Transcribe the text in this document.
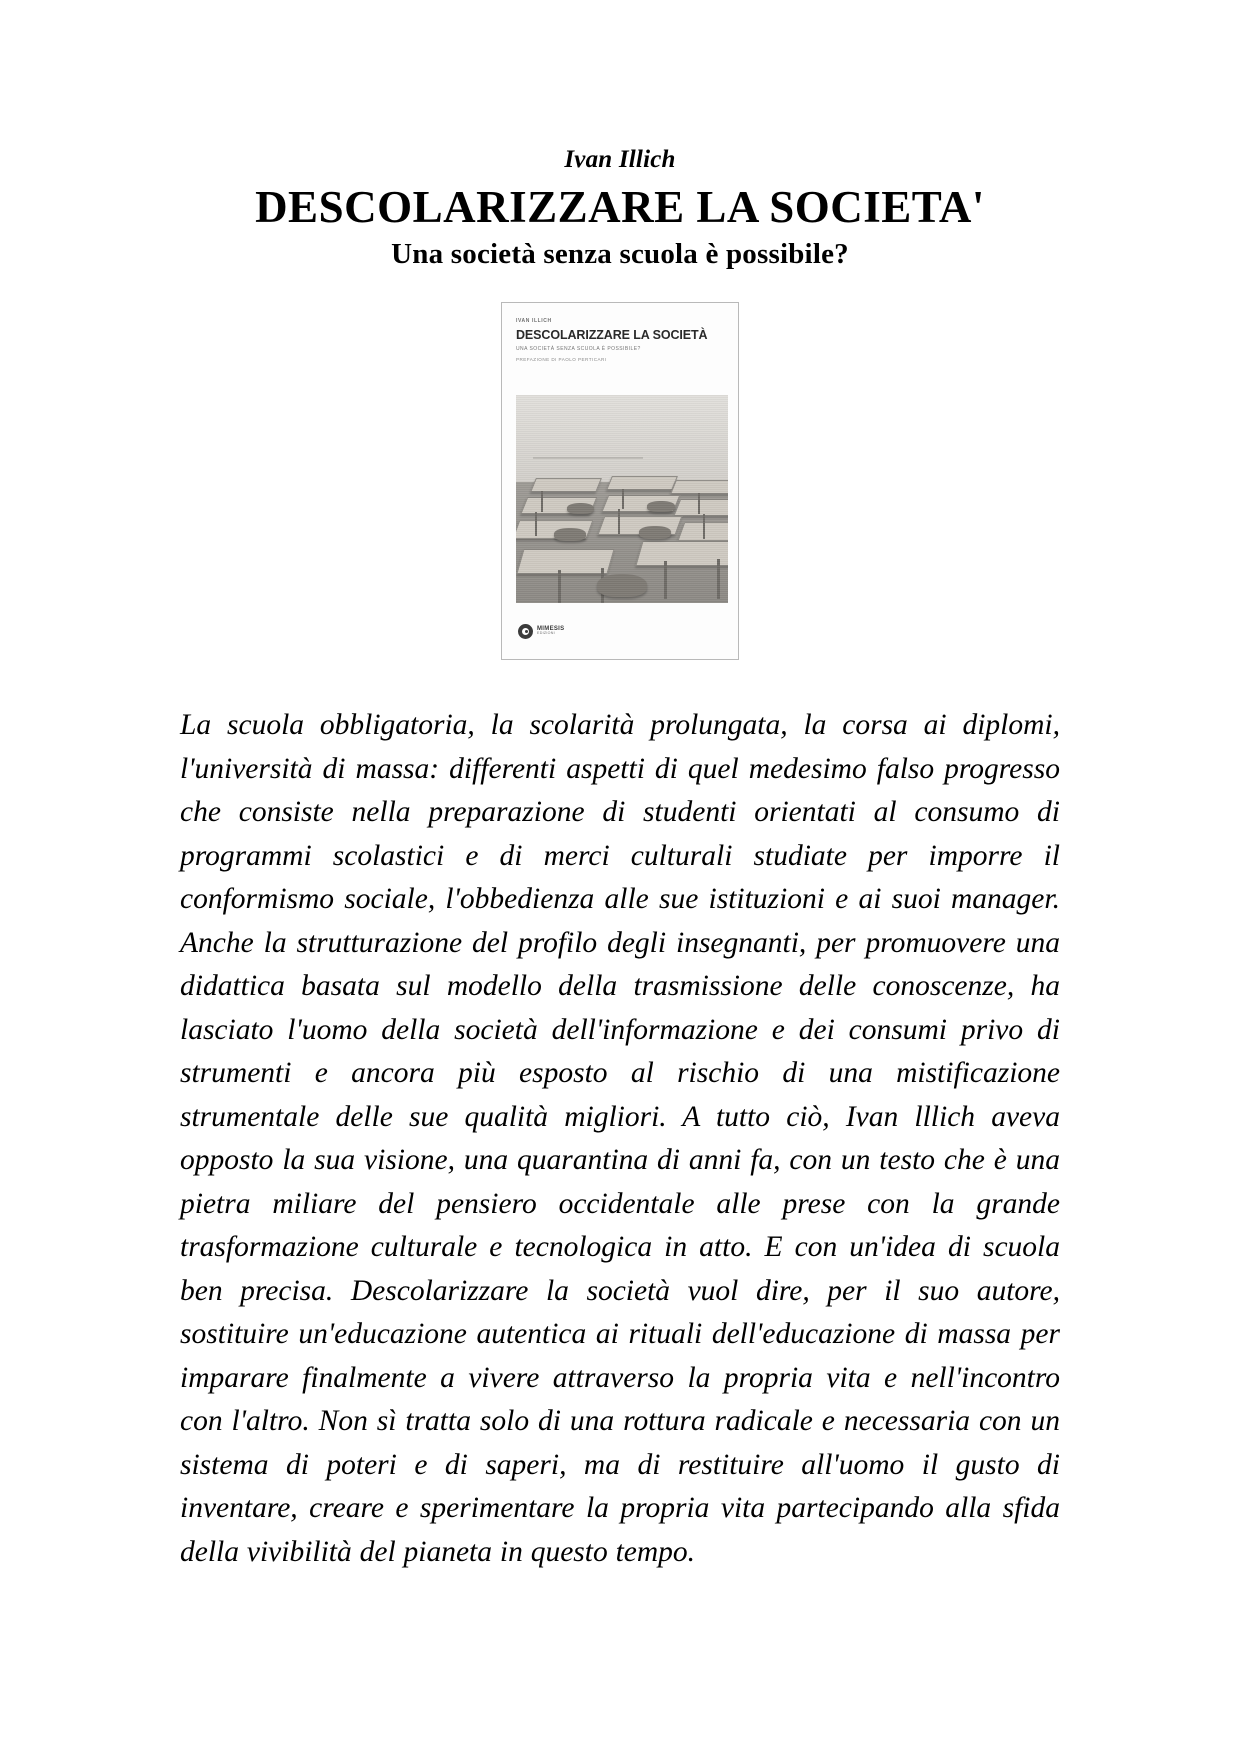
Ivan Illich
DESCOLARIZZARE LA SOCIETA'
Una società senza scuola è possibile?
IVAN ILLICH
DESCOLARIZZARE LA SOCIETÀ
UNA SOCIETÀ SENZA SCUOLA È POSSIBILE?
PREFAZIONE DI PAOLO PERTICARI
MIMESIS
EDIZIONI

La scuola obbligatoria, la scolarità prolungata, la corsa ai diplomi, l'università di massa: differenti aspetti di quel medesimo falso progresso che consiste nella preparazione di studenti orientati al consumo di programmi scolastici e di merci culturali studiate per imporre il conformismo sociale, l'obbedienza alle sue istituzioni e ai suoi manager. Anche la strutturazione del profilo degli insegnanti, per promuovere una didattica basata sul modello della trasmissione delle conoscenze, ha lasciato l'uomo della società dell'informazione e dei consumi privo di strumenti e ancora più esposto al rischio di una mistificazione strumentale delle sue qualità migliori. A tutto ciò, Ivan lllich aveva opposto la sua visione, una quarantina di anni fa, con un testo che è una pietra miliare del pensiero occidentale alle prese con la grande trasformazione culturale e tecnologica in atto. E con un'idea di scuola ben precisa. Descolarizzare la società vuol dire, per il suo autore, sostituire un'educazione autentica ai rituali dell'educazione di massa per imparare finalmente a vivere attraverso la propria vita e nell'incontro con l'altro. Non sì tratta solo di una rottura radicale e necessaria con un sistema di poteri e di saperi, ma di restituire all'uomo il gusto di inventare, creare e sperimentare la propria vita partecipando alla sfida della vivibilità del pianeta in questo tempo.
